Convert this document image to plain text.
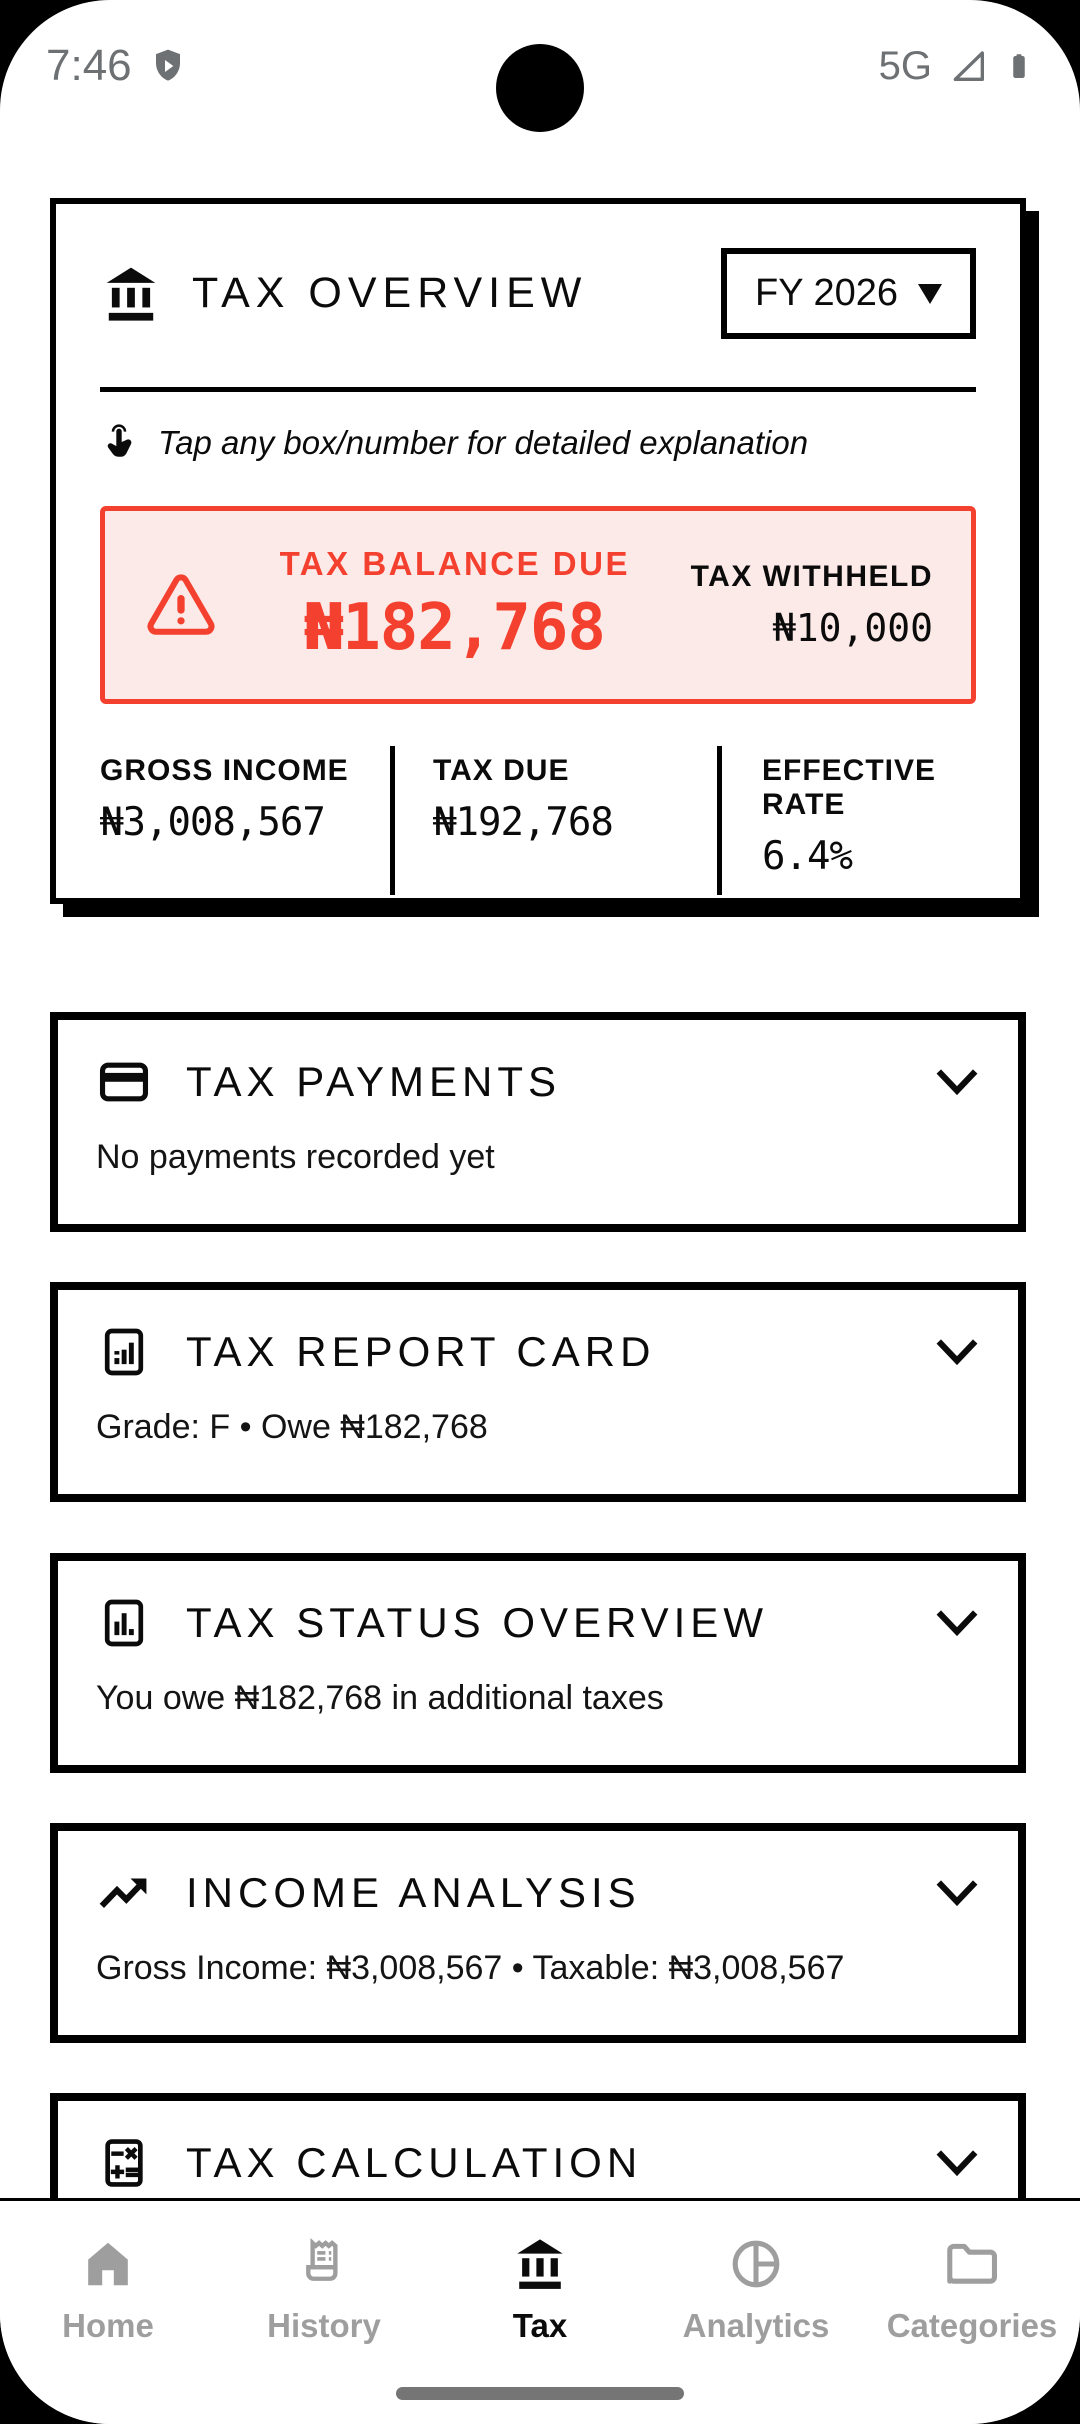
7:46	5G
TAX OVERVIEW	FY 2026
Tap any box/number for detailed explanation
TAX BALANCE DUE
₦182,768
TAX WITHHELD
₦10,000
GROSS INCOME
₦3,008,567
TAX DUE
₦192,768
EFFECTIVE RATE
6.4%
TAX PAYMENTS
No payments recorded yet
TAX REPORT CARD
Grade: F • Owe ₦182,768
TAX STATUS OVERVIEW
You owe ₦182,768 in additional taxes
INCOME ANALYSIS
Gross Income: ₦3,008,567 • Taxable: ₦3,008,567
TAX CALCULATION
Home	History	Tax	Analytics Categories
